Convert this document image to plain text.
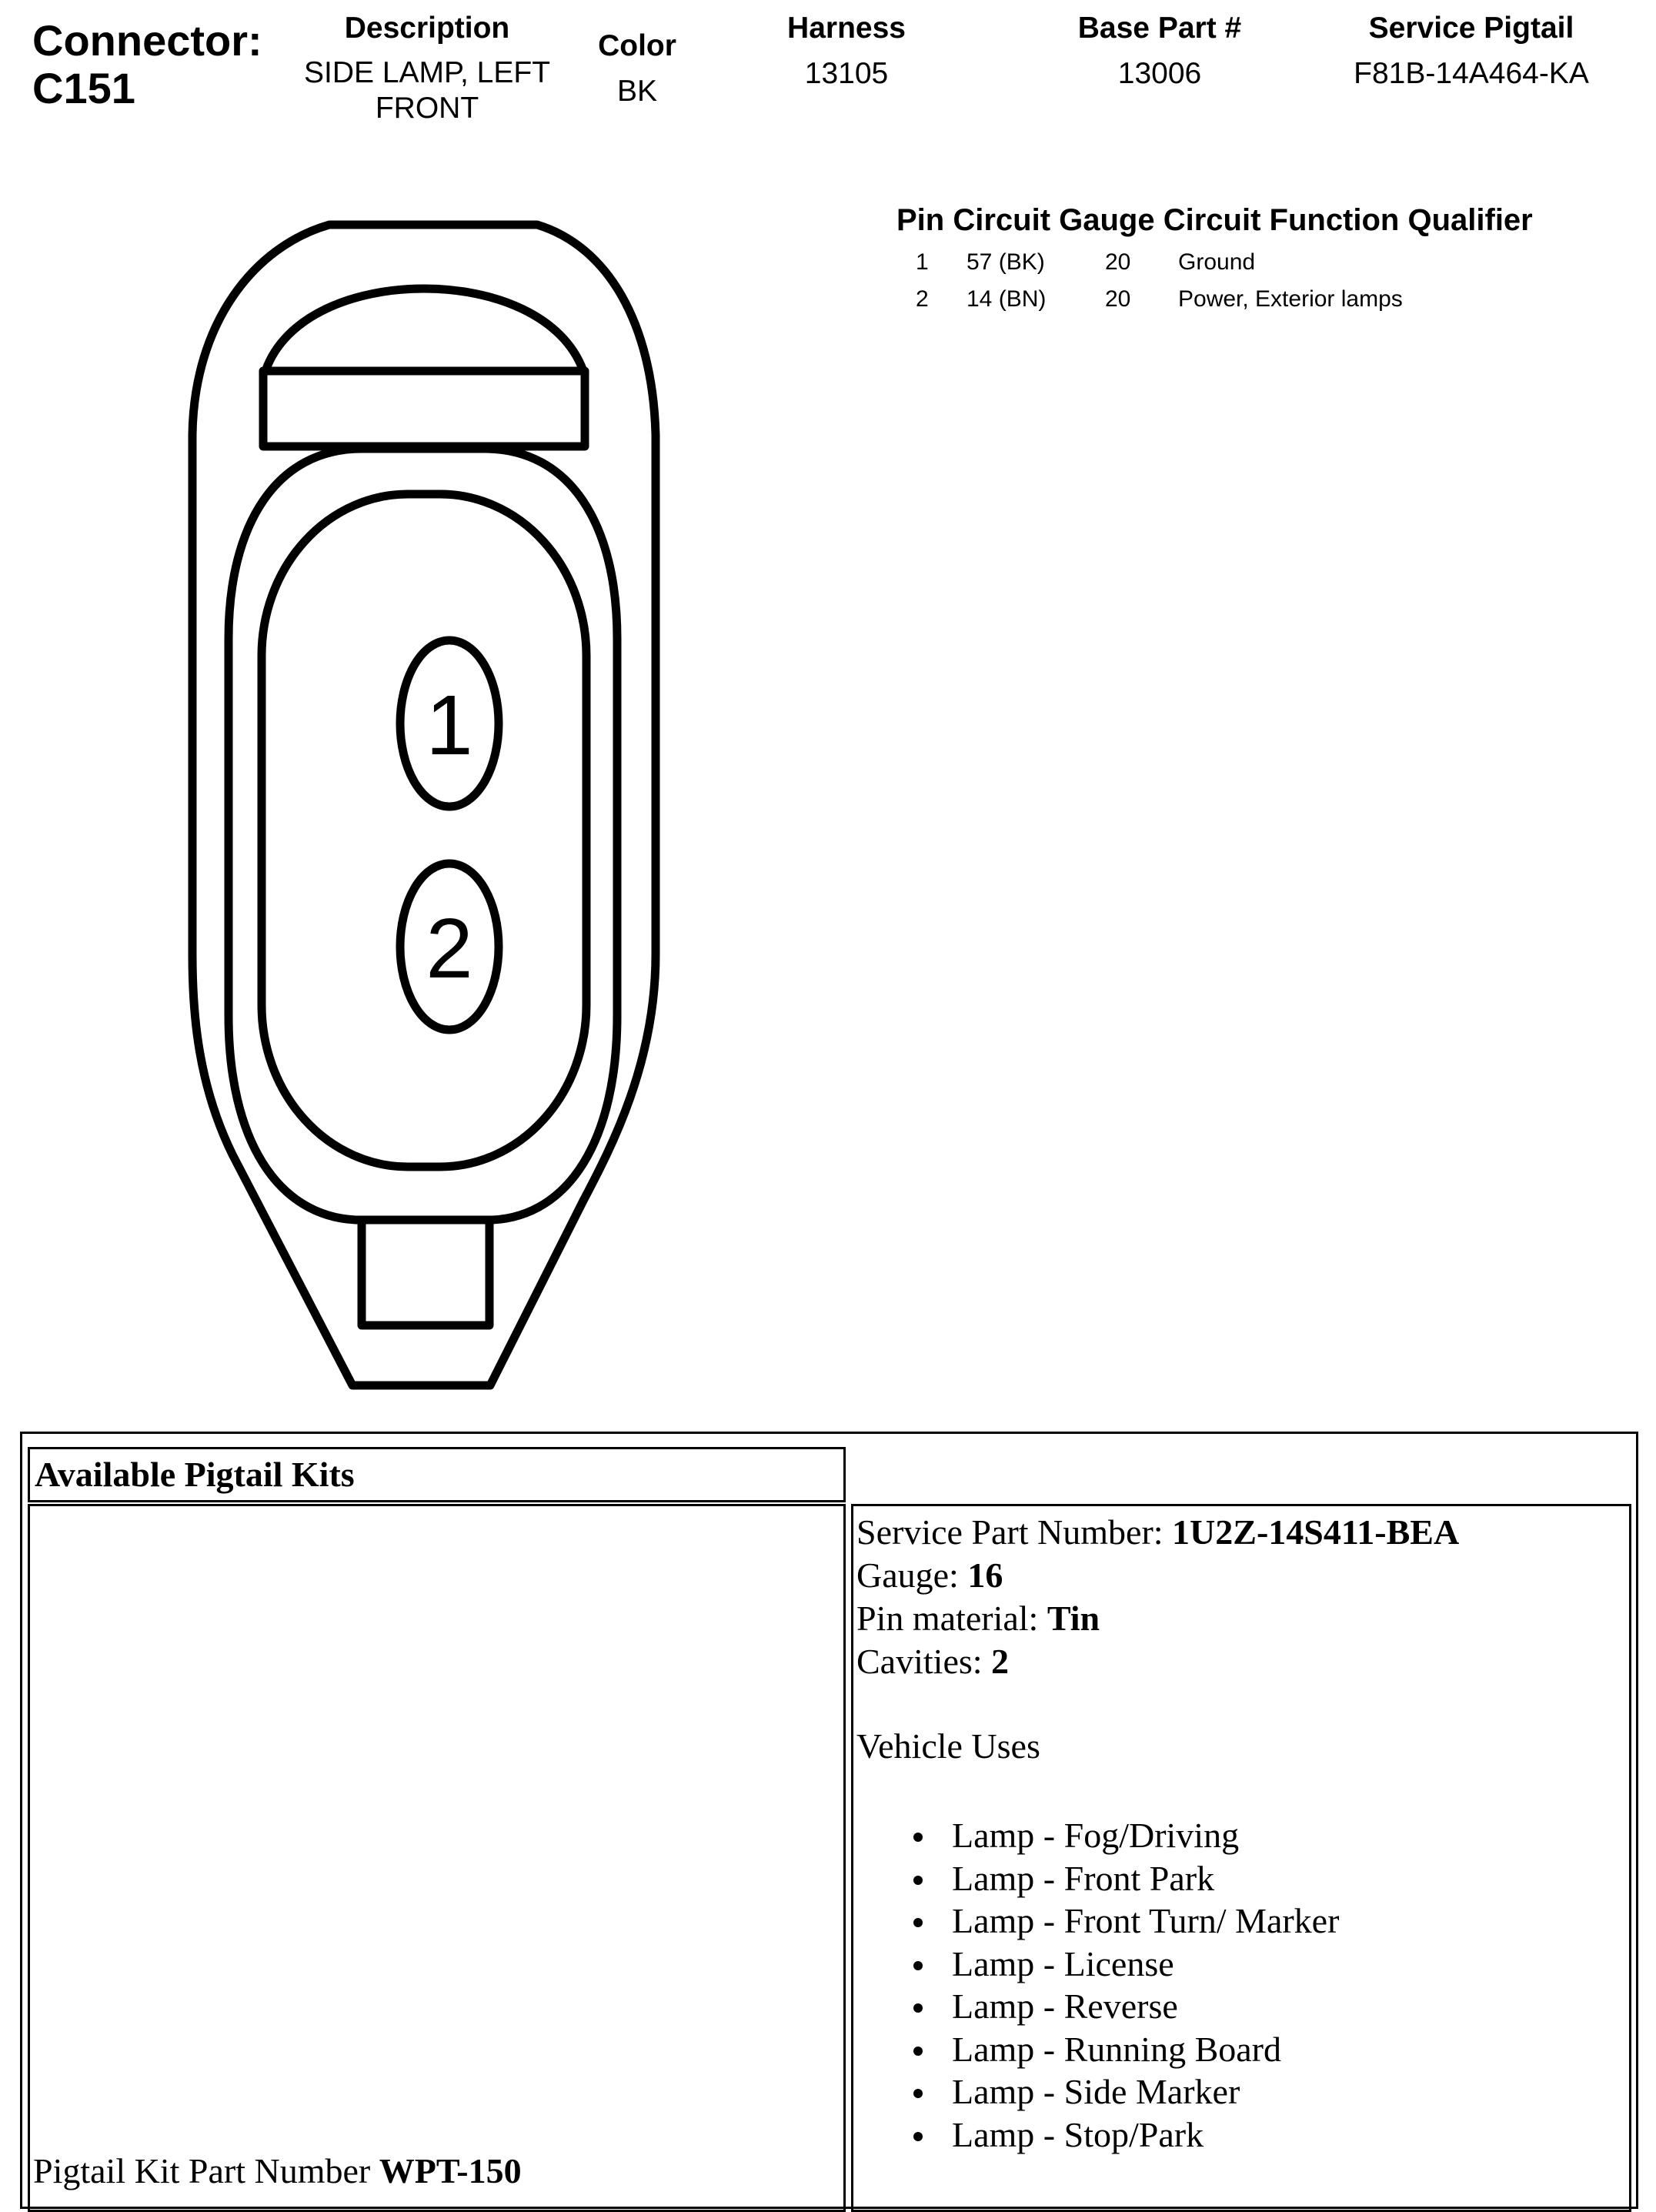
Connector:
C151
Description
SIDE LAMP, LEFT FRONT
Color
BK
Harness
13105
Base Part #
13006
Service Pigtail
F81B-14A464-KA
Pin Circuit Gauge Circuit Function Qualifier
1 57 (BK)	20 Ground
2 14 (BN)	20 Power, Exterior lamps
1
2
Available Pigtail Kits
Pigtail Kit Part Number WPT-150
Service Part Number: 1U2Z-14S411-BEA
Gauge: 16
Pin material: Tin
Cavities: 2
Vehicle Uses
Lamp - Fog/Driving
Lamp - Front Park
Lamp - Front Turn/ Marker
Lamp - License
Lamp - Reverse
Lamp - Running Board
Lamp - Side Marker
Lamp - Stop/Park
